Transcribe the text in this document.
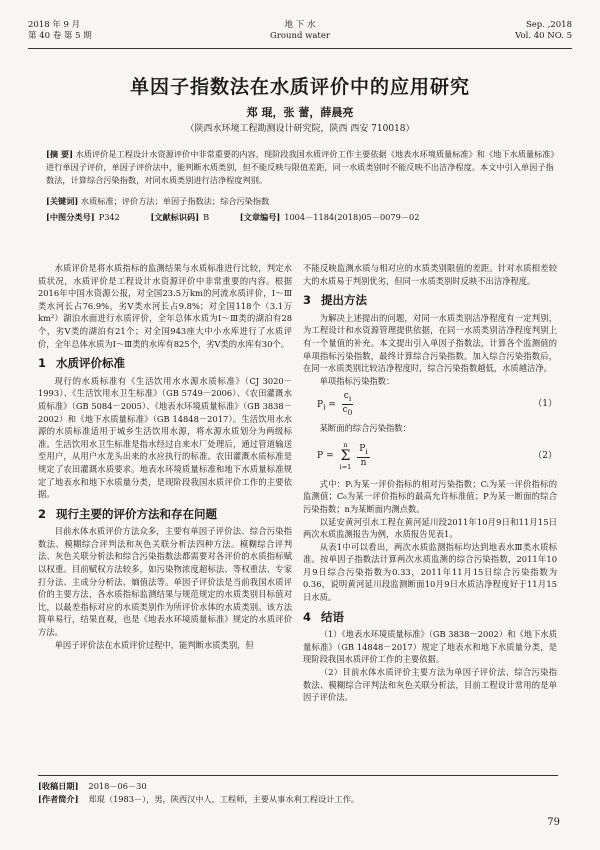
2018 年 9 月
第 40 卷 第 5 期
地 下 水
Ground water
Sep. ,2018
Vol. 40 NO. 5
单因子指数法在水质评价中的应用研究
郑 琨，张 蕾，薛晨亮
（陕西水环境工程勘测设计研究院，陕西 西安 710018）
[摘 要] 水质评价是工程设计水资源评价中非常重要的内容，现阶段我国水质评价工作主要依据《地表水环境质量标准》和《地下水质量标准》进行单因子评价，单因子评价法中，能判断水质类别，但不能反映与限值差距，同一水质类别时不能反映不出洁净程度。本文中引入单因子指数法，计算综合污染指数，对同水质类别进行洁净程度判别。
[关键词] 水质标准；评价方法；单因子指数法；综合污染指数
[中图分类号] P342	[文献标识码] B	[文章编号] 1004－1184(2018)05－0079－02

水质评价是将水质指标的监测结果与水质标准进行比较，判定水质状况，水质评价是工程设计水资源评价中非常重要的内容。根据2016年中国水资源公报，对全国23.5万km的河流水质评价，Ⅰ～Ⅲ类水河长占76.9%，劣Ⅴ类水河长占9.8%；对全国118个（3.1万km²）湖泊水面进行水质评价，全年总体水质为Ⅰ～Ⅲ类的湖泊有28个，劣Ⅴ类的湖泊有21个；对全国943座大中小水库进行了水质评价，全年总体水质为Ⅰ～Ⅲ类的水库有825个，劣Ⅴ类的水库有30个。

1 水质评价标准

现行的水质标准有《生活饮用水水源水质标准》（CJ 3020－1993）、《生活饮用水卫生标准》（GB 5749－2006）、《农田灌溉水质标准》（GB 5084－2005）、《地表水环境质量标准》（GB 3838－2002）和《地下水质量标准》（GB 14848－2017）。生活饮用水水源的水质标准适用于城乡生活饮用水源，将水源水质划分为两级标准。生活饮用水卫生标准是指水经过自来水厂处理后，通过管道输送至用户，从用户水龙头出来的水应执行的标准。农田灌溉水质标准是规定了农田灌溉水质要求。地表水环境质量标准和地下水质量标准规定了地表水和地下水质量分类，是现阶段我国水质评价工作的主要依据。

2 现行主要的评价方法和存在问题

目前水体水质评价方法众多，主要有单因子评价法、综合污染指数法、模糊综合评判法和灰色关联分析法四种方法。模糊综合评判法、灰色关联分析法和综合污染指数法都需要对各评价的水质指标赋以权重。目前赋权方法较多，如污染物浓度超标法、等权重法、专家打分法、主成分分析法、熵值法等。单因子评价法是当前我国水质评价的主要方法，各水质指标监测结果与规范规定的水质类别目标值对比，以最差指标对应的水质类别作为所评价水体的水质类别。该方法简单易行，结果直观，也是《地表水环境质量标准》规定的水质评价方法。

单因子评价法在水质评价过程中，能判断水质类别，但

不能反映监测水质与相对应的水质类别限值的差距。针对水质相差较大的水质易于判别优劣，但同一水质类别时反映不出洁净程度。

3 提出方法

为解决上述提出的问题，对同一水质类别洁净程度有一定判别，为工程设计和水资源管理提供依据，在同一水质类别洁净程度判别上有一个量值的补充。本文提出引入单因子指数法，计算各个监测值的单项指标污染指数，最终计算综合污染指数。加入综合污染指数后，在同一水质类别比较洁净程度时，综合污染指数越低，水质越洁净。

单项指标污染指数：

$P_i = \frac{c_i}{c_0}$	（1）

某断面的综合污染指数：

P =
n
Σ
$i=1 \frac{P_i}{n}$	（2）

式中：Pᵢ为某一评价指标的相对污染指数；Cᵢ为某一评价指标的监测值；C₀为某一评价指标的最高允许标准值；P为某一断面的综合污染指数；n为某断面内测点数。

以延安黄河引水工程在黄河延川段2011年10月9日和11月15日两次水质监测报告为例，水质报告见表1。

从表1中可以看出，两次水质监测指标均达到地表水Ⅲ类水质标准。按单因子指数法计算两次水质监测的综合污染指数，2011年10月9日综合污染指数为0.33，2011年11月15日综合污染指数为0.36，说明黄河延川段监测断面10月9日水质洁净程度好于11月15日水质。

4 结语

（1）《地表水环境质量标准》（GB 3838－2002）和《地下水质量标准》（GB 14848－2017）规定了地表水和地下水质量分类，是现阶段我国水质评价工作的主要依据。

（2）目前水体水质评价主要方法为单因子评价法、综合污染指数法、模糊综合评判法和灰色关联分析法，目前工程设计常用的是单因子评价法。

[收稿日期] 2018－06－30
[作者简介] 郑琨（1983－），男，陕西汉中人，工程师，主要从事水利工程设计工作。
79
